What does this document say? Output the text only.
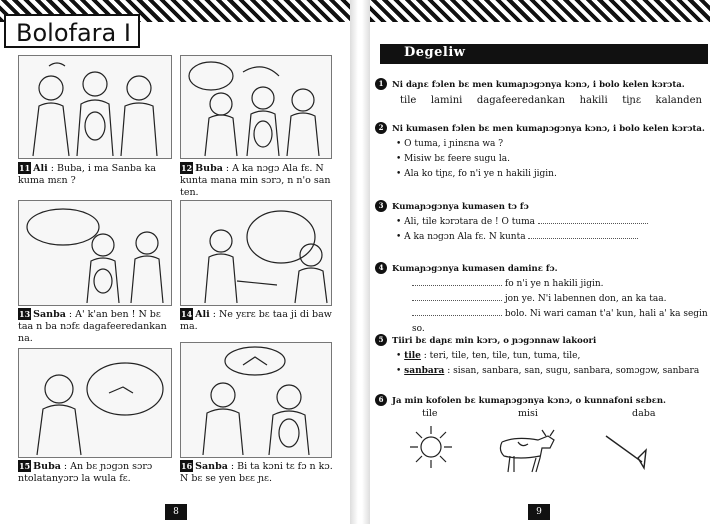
Bolofara I
11 Ali : Buba, i ma Sanba ka kuma mɛn ?
12 Buba : A ka nɔgɔ Ala fɛ. N kunta mana min sɔrɔ, n n'o san ten.
13 Sanba : A' k'an ben ! N bɛ taa n ba nɔfɛ dagafeeredankan na.
14 Ali : Ne yɛrɛ bɛ taa ji di baw ma.
15 Buba : An bɛ ɲɔgɔn sɔrɔ ntolatanyɔrɔ la wula fɛ.
16 Sanba : Bi ta kɔni tɛ fɔ n kɔ. N bɛ se yen bɛɛ ɲɛ.
8
Degeliw
1	Ni daɲɛ fɔlen bɛ men kumaɲɔgɔnya kɔnɔ, i bolo kelen kɔrɔta.
tile lamini dagafeeredankan hakili tiɲɛ kalanden
2	Ni kumasen fɔlen bɛ men kumaɲɔgɔnya kɔnɔ, i bolo kelen kɔrɔta.
• O tuma, i ɲinɛna wa ?
• Misiw bɛ feere sugu la.
• Ala ko tiɲɛ, fo n'i ye n hakili jigin.
3	Kumaɲɔgɔnya kumasen tɔ fɔ
• Ali, tile kɔrɔtara de ! O tuma
• A ka nɔgɔn Ala fɛ. N kunta
4	Kumaɲɔgɔnya kumasen daminɛ fɔ.
fo n'i ye n hakili jigin.
jon ye. N'i labennen don, an ka taa.
bolo. Ni wari caman t'a' kun, hali a' ka segin so.
5	Tiiri bɛ daɲɛ min kɔrɔ, o ɲɔgɔnnaw lakoori
• tile : teri, tile, ten, tile, tun, tuma, tile,
• sanbara : sisan, sanbara, san, sugu, sanbara, somɔgɔw, sanbara
6	Ja min kofolen bɛ kumaɲɔgɔnya kɔnɔ, o kunnafoni sɛbɛn.
tile	misi	daba
9
